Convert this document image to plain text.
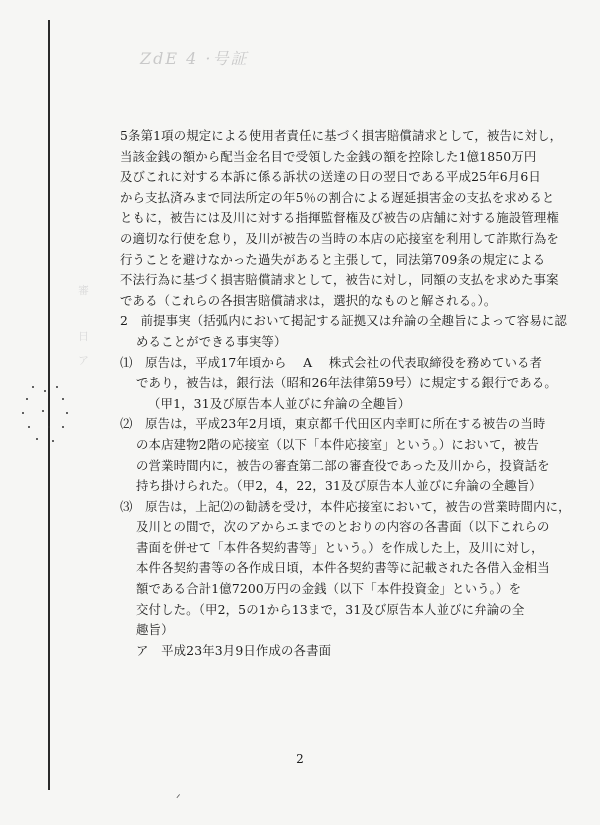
ZdE 4 ·号証
審
日
ア
5条第1項の規定による使用者責任に基づく損害賠償請求として，被告に対し，
当該金銭の額から配当金名目で受領した金銭の額を控除した1億1850万円
及びこれに対する本訴に係る訴状の送達の日の翌日である平成25年6月6日
から支払済みまで同法所定の年5％の割合による遅延損害金の支払を求めると
ともに，被告には及川に対する指揮監督権及び被告の店舗に対する施設管理権
の適切な行使を怠り，及川が被告の当時の本店の応接室を利用して詐欺行為を
行うことを避けなかった過失があると主張して，同法第709条の規定による
不法行為に基づく損害賠償請求として，被告に対し，同額の支払を求めた事案
である（これらの各損害賠償請求は，選択的なものと解される。）。
2　前提事実（括弧内において掲記する証拠又は弁論の全趣旨によって容易に認
めることができる事実等）
⑴　原告は，平成17年頃から　 A　 株式会社の代表取締役を務めている者
であり，被告は，銀行法（昭和26年法律第59号）に規定する銀行である。
（甲1，31及び原告本人並びに弁論の全趣旨）
⑵　原告は，平成23年2月頃，東京都千代田区内幸町に所在する被告の当時
の本店建物2階の応接室（以下「本件応接室」という。）において，被告
の営業時間内に，被告の審査第二部の審査役であった及川から，投資話を
持ち掛けられた。（甲2，4，22，31及び原告本人並びに弁論の全趣旨）
⑶　原告は，上記⑵の勧誘を受け，本件応接室において，被告の営業時間内に，
及川との間で，次のアからエまでのとおりの内容の各書面（以下これらの
書面を併せて「本件各契約書等」という。）を作成した上，及川に対し，
本件各契約書等の各作成日頃，本件各契約書等に記載された各借入金相当
額である合計1億7200万円の金銭（以下「本件投資金」という。）を
交付した。（甲2，5の1から13まで，31及び原告本人並びに弁論の全
趣旨）
ア　平成23年3月9日作成の各書面
2
ᐟ
